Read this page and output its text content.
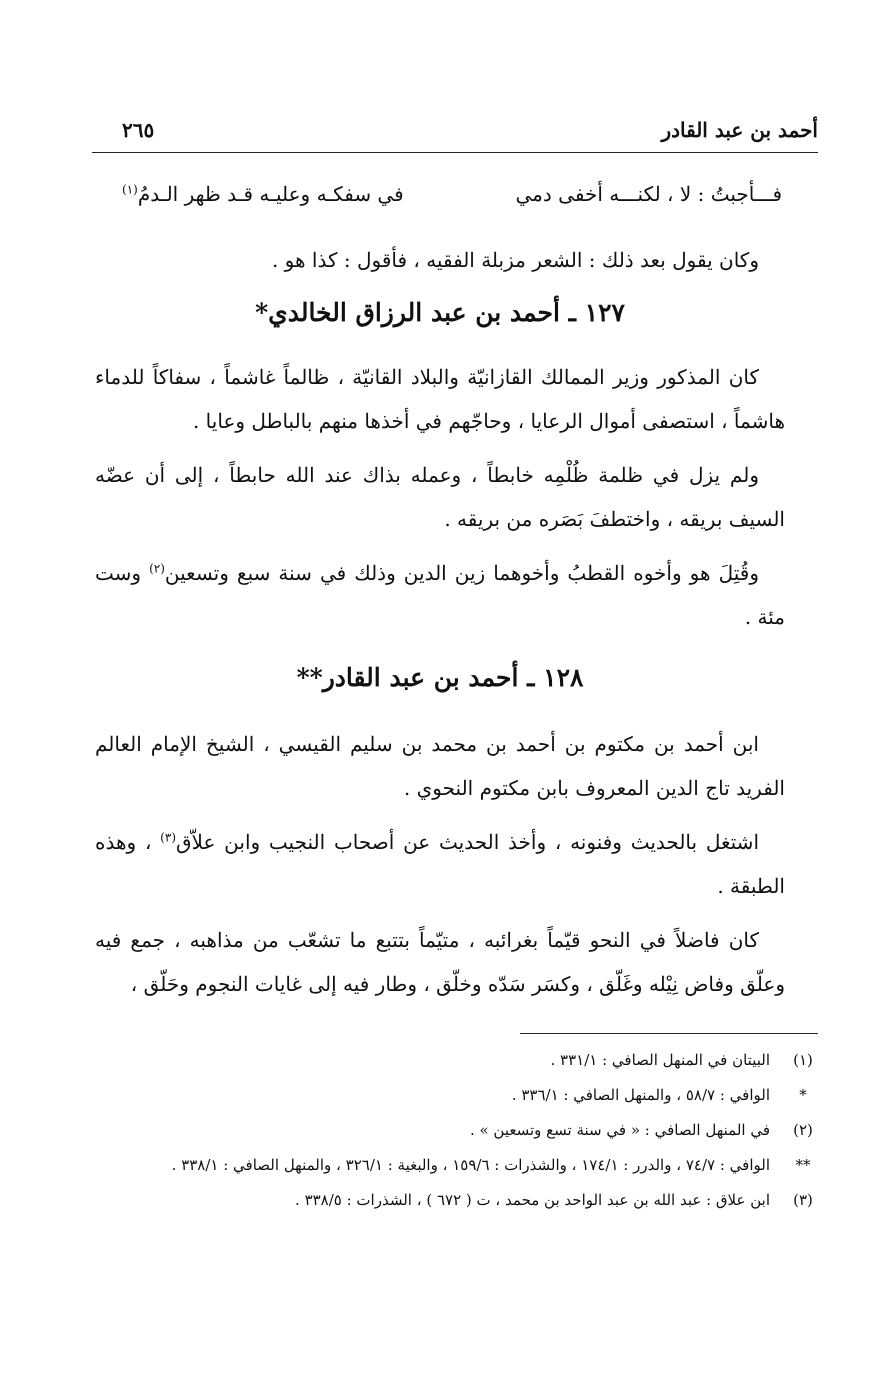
أحمد بن عبد القادر
٢٦٥
فـــأجبتُ : لا ، لكنـــه أخفى دمي
في سفكـه وعليـه قـد ظهر الـدمُ$^{(١)}$

وكان يقول بعد ذلك : الشعر مزبلة الفقيه ، فأقول : كذا هو .

١٢٧ ـ أحمد بن عبد الرزاق الخالدي*

كان المذكور وزير الممالك القازانيّة والبلاد القانيّة ، ظالماً غاشماً ، سفاكاً للدماء هاشماً ، استصفى أموال الرعايا ، وحاجّهم في أخذها منهم بالباطل وعايا .

ولم يزل في ظلمة ظُلْمِه خابطاً ، وعمله بذاك عند الله حابطاً ، إلى أن عضّه السيف بريقه ، واختطفَ بَصَره من بريقه .

وقُتِلَ هو وأخوه القطبُ وأخوهما زين الدين وذلك في سنة سبع وتسعين$^{(٢)}$ وست مئة .

١٢٨ ـ أحمد بن عبد القادر**

ابن أحمد بن مكتوم بن أحمد بن محمد بن سليم القيسي ، الشيخ الإمام العالم الفريد تاج الدين المعروف بابن مكتوم النحوي .

اشتغل بالحديث وفنونه ، وأخذ الحديث عن أصحاب النجيب وابن علاّق$^{(٣)}$ ، وهذه الطبقة .

كان فاضلاً في النحو قيّماً بغرائبه ، متيّماً بتتبع ما تشعّب من مذاهبه ، جمع فيه وعلّق وفاض نِيْله وغَلّق ، وكسَر سَدّه وخلّق ، وطار فيه إلى غايات النجوم وحَلّق ،

(١)
البيتان في المنهل الصافي : ٣٣١/١ .
*
الوافي : ٥٨/٧ ، والمنهل الصافي : ٣٣٦/١ .
(٢)
في المنهل الصافي : « في سنة تسع وتسعين » .
**
الوافي : ٧٤/٧ ، والدرر : ١٧٤/١ ، والشذرات : ١٥٩/٦ ، والبغية : ٣٢٦/١ ، والمنهل الصافي : ٣٣٨/١ .
(٣)
ابن علاق : عبد الله بن عبد الواحد بن محمد ، ت ( ٦٧٢ ) ، الشذرات : ٣٣٨/٥ .
